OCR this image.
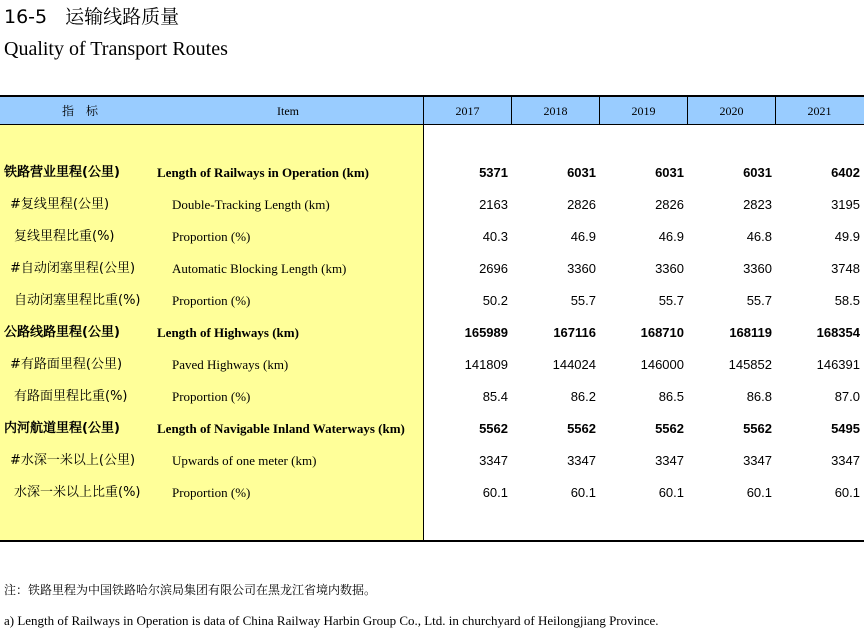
16-5 运输线路质量
Quality of Transport Routes
指　标	Item	2017	2018	2019	2020	2021
铁路营业里程(公里)	Length of Railways in Operation (km)	5371	6031	6031	6031	6402
#复线里程(公里)	Double-Tracking Length (km)	2163	2826	2826	2823	3195
复线里程比重(%)	Proportion (%)	40.3	46.9	46.9	46.8	49.9
#自动闭塞里程(公里)	Automatic Blocking Length (km)	2696	3360	3360	3360	3748
自动闭塞里程比重(%) Proportion (%)	50.2	55.7	55.7	55.7	58.5
公路线路里程(公里)	Length of Highways (km)	165989	167116	168710	168119	168354
#有路面里程(公里)	Paved Highways (km)	141809	144024	146000	145852	146391
有路面里程比重(%)	Proportion (%)	85.4	86.2	86.5	86.8	87.0
内河航道里程(公里)	Length of Navigable Inland Waterways (km)	5562	5562	5562	5562	5495
#水深一米以上(公里)	Upwards of one meter (km)	3347	3347	3347	3347	3347
水深一米以上比重(%) Proportion (%)	60.1	60.1	60.1	60.1	60.1
注：铁路里程为中国铁路哈尔滨局集团有限公司在黑龙江省境内数据。
a) Length of Railways in Operation is data of China Railway Harbin Group Co., Ltd. in churchyard of Heilongjiang Province.
